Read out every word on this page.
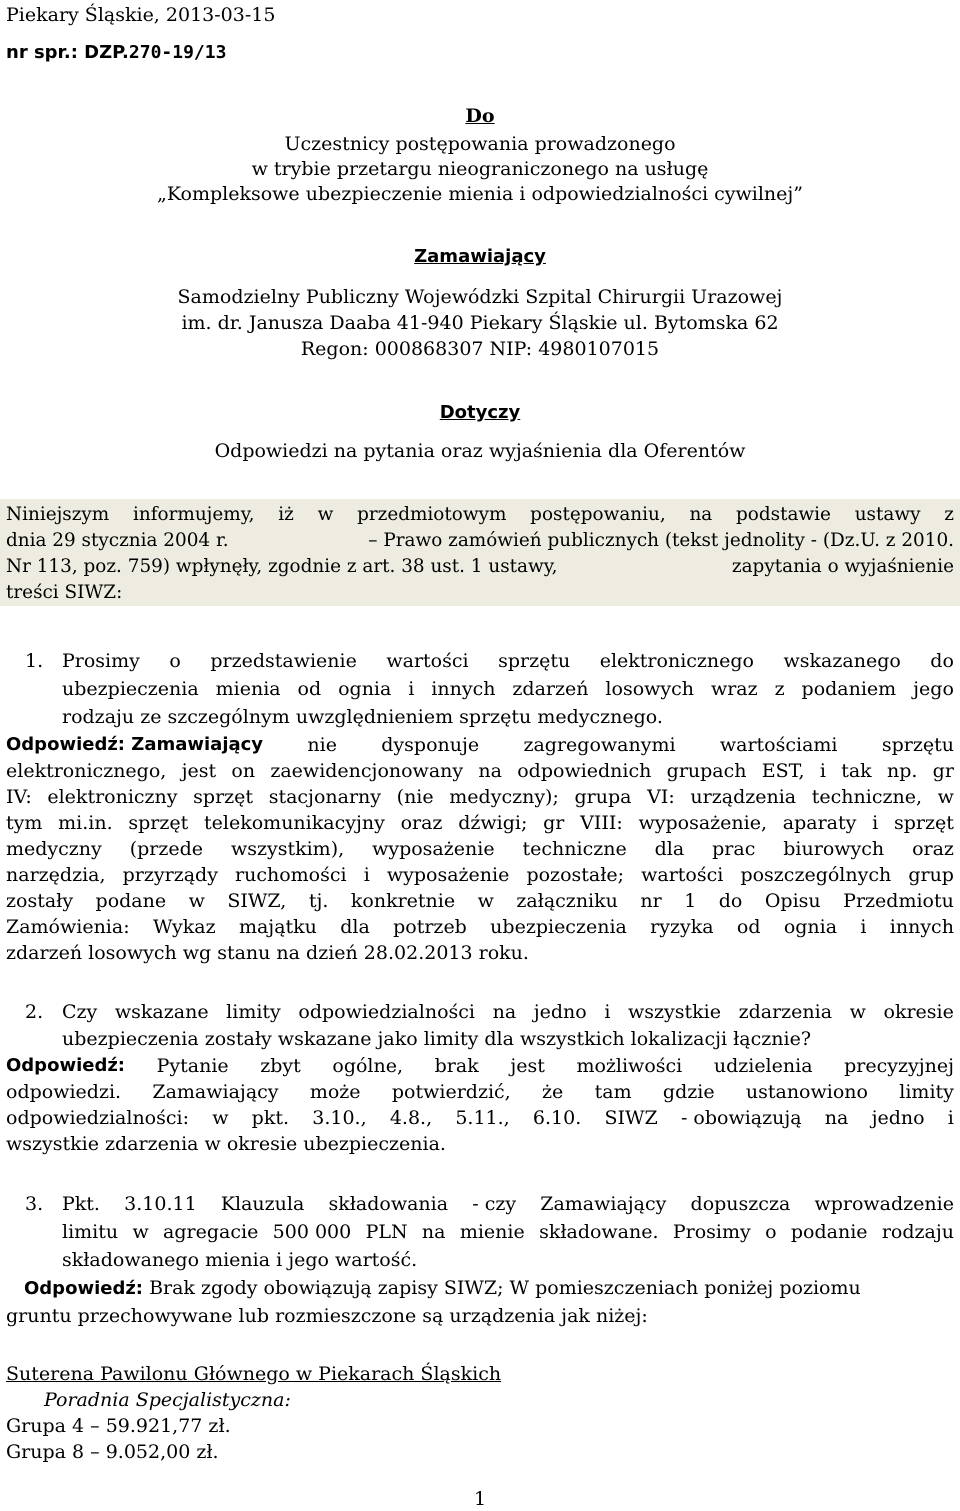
Piekary Śląskie, 2013-03-15
nr spr.: DZP.270-19/13
Do
Uczestnicy postępowania prowadzonego
w trybie przetargu nieograniczonego na usługę
„Kompleksowe ubezpieczenie mienia i odpowiedzialności cywilnej”
Zamawiający
Samodzielny Publiczny Wojewódzki Szpital Chirurgii Urazowej
im. dr. Janusza Daaba 41-940 Piekary Śląskie ul. Bytomska 62
Regon: 000868307 NIP: 4980107015
Dotyczy
Odpowiedzi na pytania oraz wyjaśnienia dla Oferentów
Niniejszym informujemy, iż w przedmiotowym postępowaniu, na podstawie ustawy z
dnia 29 stycznia 2004 r.	– Prawo zamówień publicznych (tekst jednolity - (Dz.U. z 2010.
Nr 113, poz. 759) wpłynęły, zgodnie z art. 38 ust. 1 ustawy,	zapytania o wyjaśnienie
treści SIWZ:
1. Prosimy o przedstawienie wartości sprzętu elektronicznego wskazanego do
ubezpieczenia mienia od ognia i innych zdarzeń losowych wraz z podaniem jego
rodzaju ze szczególnym uwzględnieniem sprzętu medycznego.
Odpowiedź: Zamawiający nie dysponuje zagregowanymi wartościami sprzętu
elektronicznego, jest on zaewidencjonowany na odpowiednich grupach EST, i tak np. gr
IV: elektroniczny sprzęt stacjonarny (nie medyczny); grupa VI: urządzenia techniczne, w
tym mi.in. sprzęt telekomunikacyjny oraz dźwigi; gr VIII: wyposażenie, aparaty i sprzęt
medyczny (przede wszystkim), wyposażenie techniczne dla prac biurowych oraz
narzędzia, przyrządy ruchomości i wyposażenie pozostałe; wartości poszczególnych grup
zostały podane w SIWZ, tj. konkretnie w załączniku nr 1 do Opisu Przedmiotu
Zamówienia: Wykaz majątku dla potrzeb ubezpieczenia ryzyka od ognia i innych
zdarzeń losowych wg stanu na dzień 28.02.2013 roku.
2. Czy wskazane limity odpowiedzialności na jedno i wszystkie zdarzenia w okresie
ubezpieczenia zostały wskazane jako limity dla wszystkich lokalizacji łącznie?
Odpowiedź: Pytanie zbyt ogólne, brak jest możliwości udzielenia precyzyjnej
odpowiedzi. Zamawiający może potwierdzić, że tam gdzie ustanowiono limity
odpowiedzialności: w pkt. 3.10., 4.8., 5.11., 6.10. SIWZ - obowiązują na jedno i
wszystkie zdarzenia w okresie ubezpieczenia.
3. Pkt. 3.10.11 Klauzula składowania - czy Zamawiający dopuszcza wprowadzenie
limitu w agregacie 500 000 PLN na mienie składowane. Prosimy o podanie rodzaju
składowanego mienia i jego wartość.
Odpowiedź: Brak zgody obowiązują zapisy SIWZ; W pomieszczeniach poniżej poziomu
gruntu przechowywane lub rozmieszczone są urządzenia jak niżej:
Suterena Pawilonu Głównego w Piekarach Śląskich
Poradnia Specjalistyczna:
Grupa 4 – 59.921,77 zł.
Grupa 8 – 9.052,00 zł.
1
